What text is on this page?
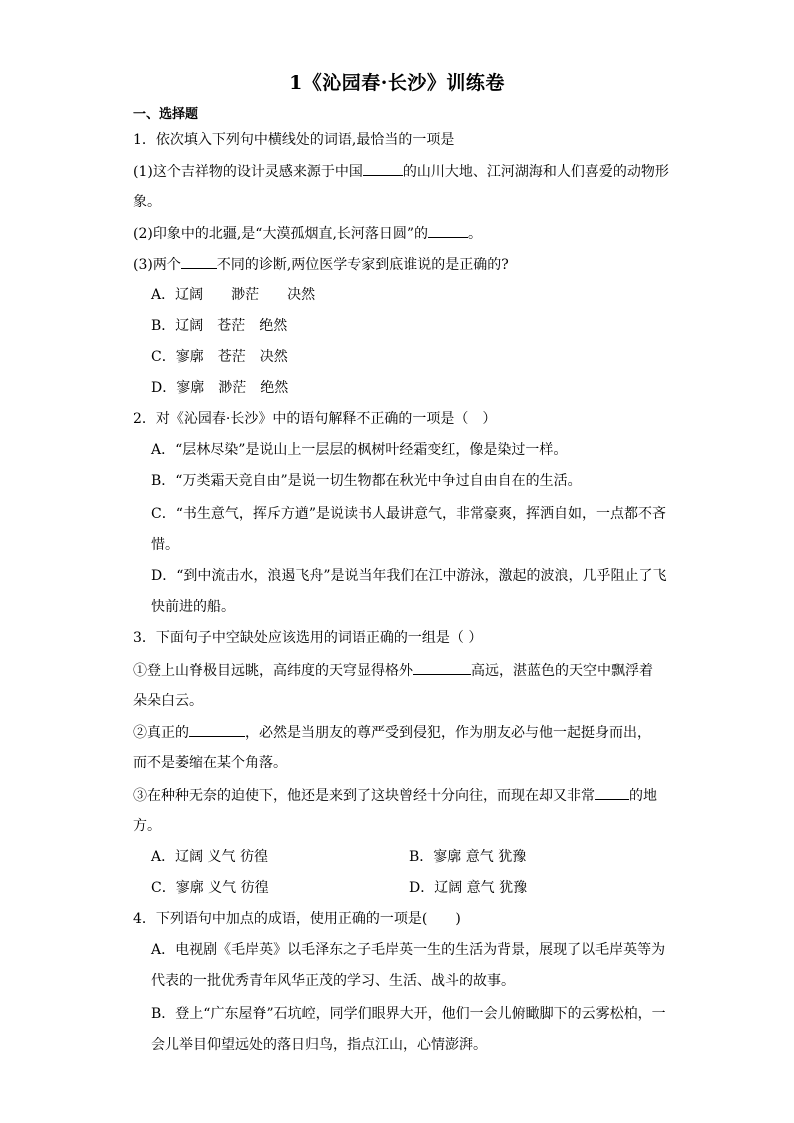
1《沁园春·长沙》训练卷
一、选择题
1．依次填入下列句中横线处的词语,最恰当的一项是
(1)这个吉祥物的设计灵感来源于中国	的山川大地、江河湖海和人们喜爱的动物形
象。
(2)印象中的北疆,是“大漠孤烟直,长河落日圆”的	。
(3)两个	不同的诊断,两位医学专家到底谁说的是正确的?
A．辽阔　　渺茫　　决然
B．辽阔　苍茫　绝然
C．寥廓　苍茫　决然
D．寥廓　渺茫　绝然
2．对《沁园春·长沙》中的语句解释不正确的一项是（　）
A．“层林尽染”是说山上一层层的枫树叶经霜变红，像是染过一样。
B．“万类霜天竞自由”是说一切生物都在秋光中争过自由自在的生活。
C．“书生意气，挥斥方遒”是说读书人最讲意气，非常豪爽，挥洒自如，一点都不吝
惜。
D．“到中流击水，浪遏飞舟”是说当年我们在江中游泳，激起的波浪，几乎阻止了飞
快前进的船。
3．下面句子中空缺处应该选用的词语正确的一组是（ ）
①登上山脊极目远眺，高纬度的天穹显得格外	高远，湛蓝色的天空中飘浮着
朵朵白云。
②真正的	，必然是当朋友的尊严受到侵犯，作为朋友必与他一起挺身而出，
而不是萎缩在某个角落。
③在种种无奈的迫使下，他还是来到了这块曾经十分向往，而现在却又非常 的地
方。
A．辽阔 义气 彷徨	B．寥廓 意气 犹豫
C．寥廓 义气 彷徨	D．辽阔 意气 犹豫
4．下列语句中加点的成语，使用正确的一项是(　　)
A．电视剧《毛岸英》以毛泽东之子毛岸英一生的生活为背景，展现了以毛岸英等为
代表的一批优秀青年风华正茂的学习、生活、战斗的故事。
B．登上“广东屋脊”石坑崆，同学们眼界大开，他们一会儿俯瞰脚下的云雾松柏，一
会儿举目仰望远处的落日归鸟，指点江山，心情澎湃。
